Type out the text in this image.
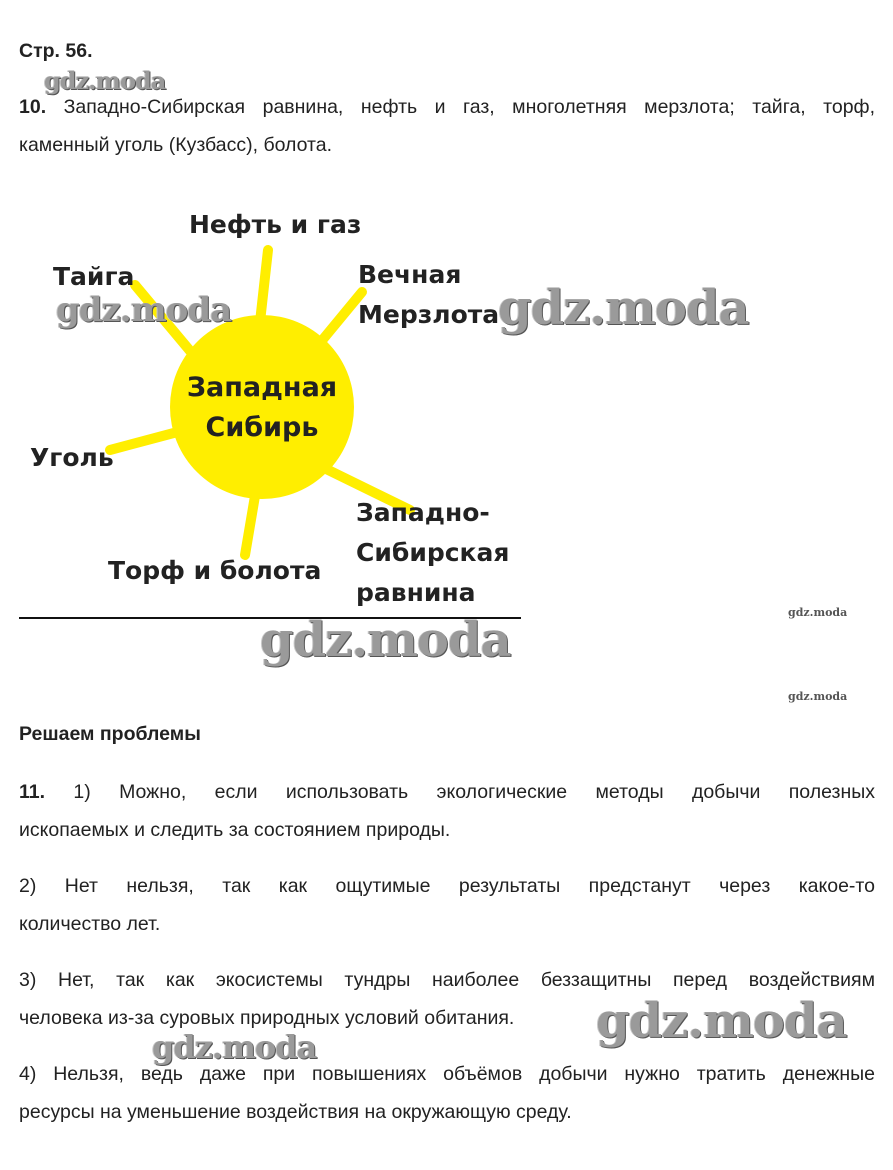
Стр. 56.
10. Западно-Сибирская равнина, нефть и газ, многолетняя мерзлота; тайга, торф,
каменный уголь (Кузбасс), болота.
Западная
Сибирь
Нефть и газ
Тайга	Вечная
Мерзлота
Уголь
Торф и болота
Западно-
Сибирская
равнина
Решаем проблемы
11. 1) Можно, если использовать экологические методы добычи полезных
ископаемых и следить за состоянием природы.
2) Нет нельзя, так как ощутимые результаты предстанут через какое-то
количество лет.
3) Нет, так как экосистемы тундры наиболее беззащитны перед воздействиям
человека из-за суровых природных условий обитания.
4) Нельзя, ведь даже при повышениях объёмов добычи нужно тратить денежные
ресурсы на уменьшение воздействия на окружающую среду.
gdz.moda
gdz.moda	gdz.moda
gdz.moda	gdz.moda
gdz.moda
gdz.moda
gdz.moda
